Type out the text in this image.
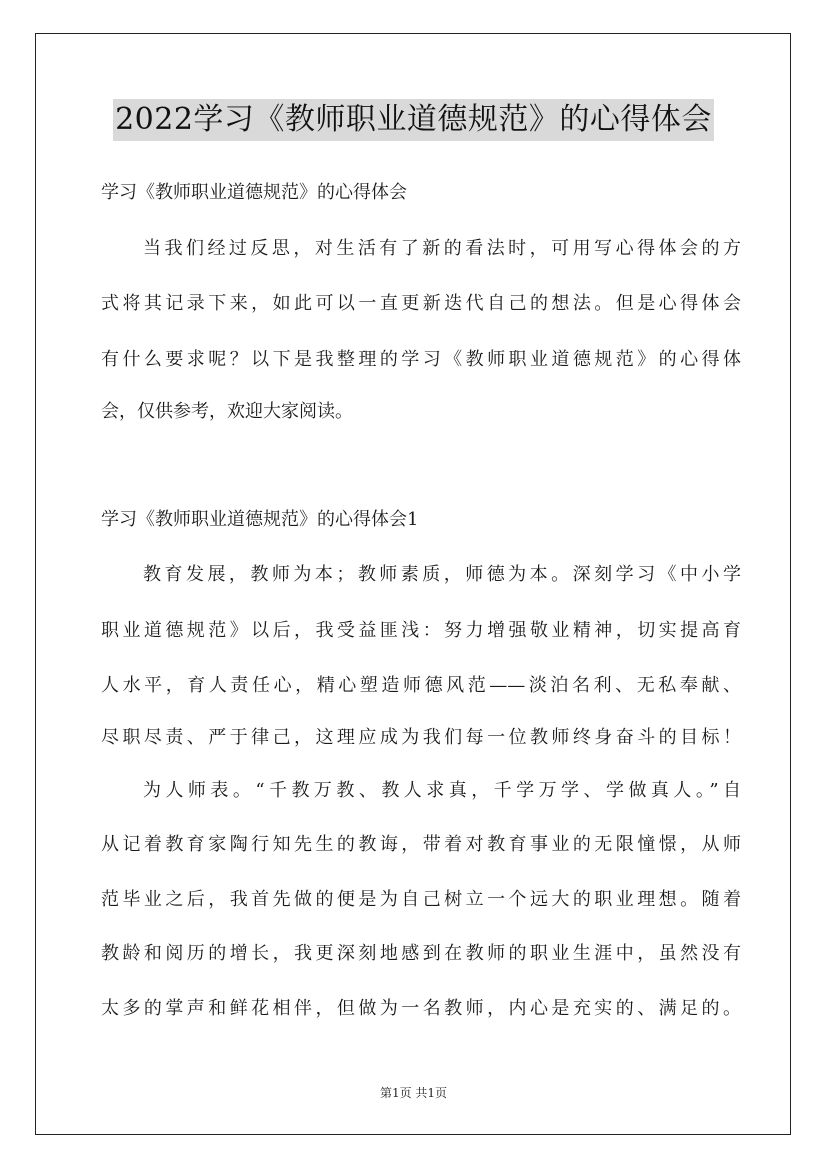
2022学习《教师职业道德规范》的心得体会
学习《教师职业道德规范》的心得体会
当我们经过反思，对生活有了新的看法时，可用写心得体会的方
式将其记录下来，如此可以一直更新迭代自己的想法。但是心得体会
有什么要求呢？以下是我整理的学习《教师职业道德规范》的心得体
会，仅供参考，欢迎大家阅读。
学习《教师职业道德规范》的心得体会1
教育发展，教师为本；教师素质，师德为本。深刻学习《中小学
职业道德规范》以后，我受益匪浅：努力增强敬业精神，切实提高育
人水平，育人责任心，精心塑造师德风范——淡泊名利、无私奉献、
尽职尽责、严于律己，这理应成为我们每一位教师终身奋斗的目标！
为人师表。“千教万教、教人求真，千学万学、学做真人。”自
从记着教育家陶行知先生的教诲，带着对教育事业的无限憧憬，从师
范毕业之后，我首先做的便是为自己树立一个远大的职业理想。随着
教龄和阅历的增长，我更深刻地感到在教师的职业生涯中，虽然没有
太多的掌声和鲜花相伴，但做为一名教师，内心是充实的、满足的。
第1页 共1页
